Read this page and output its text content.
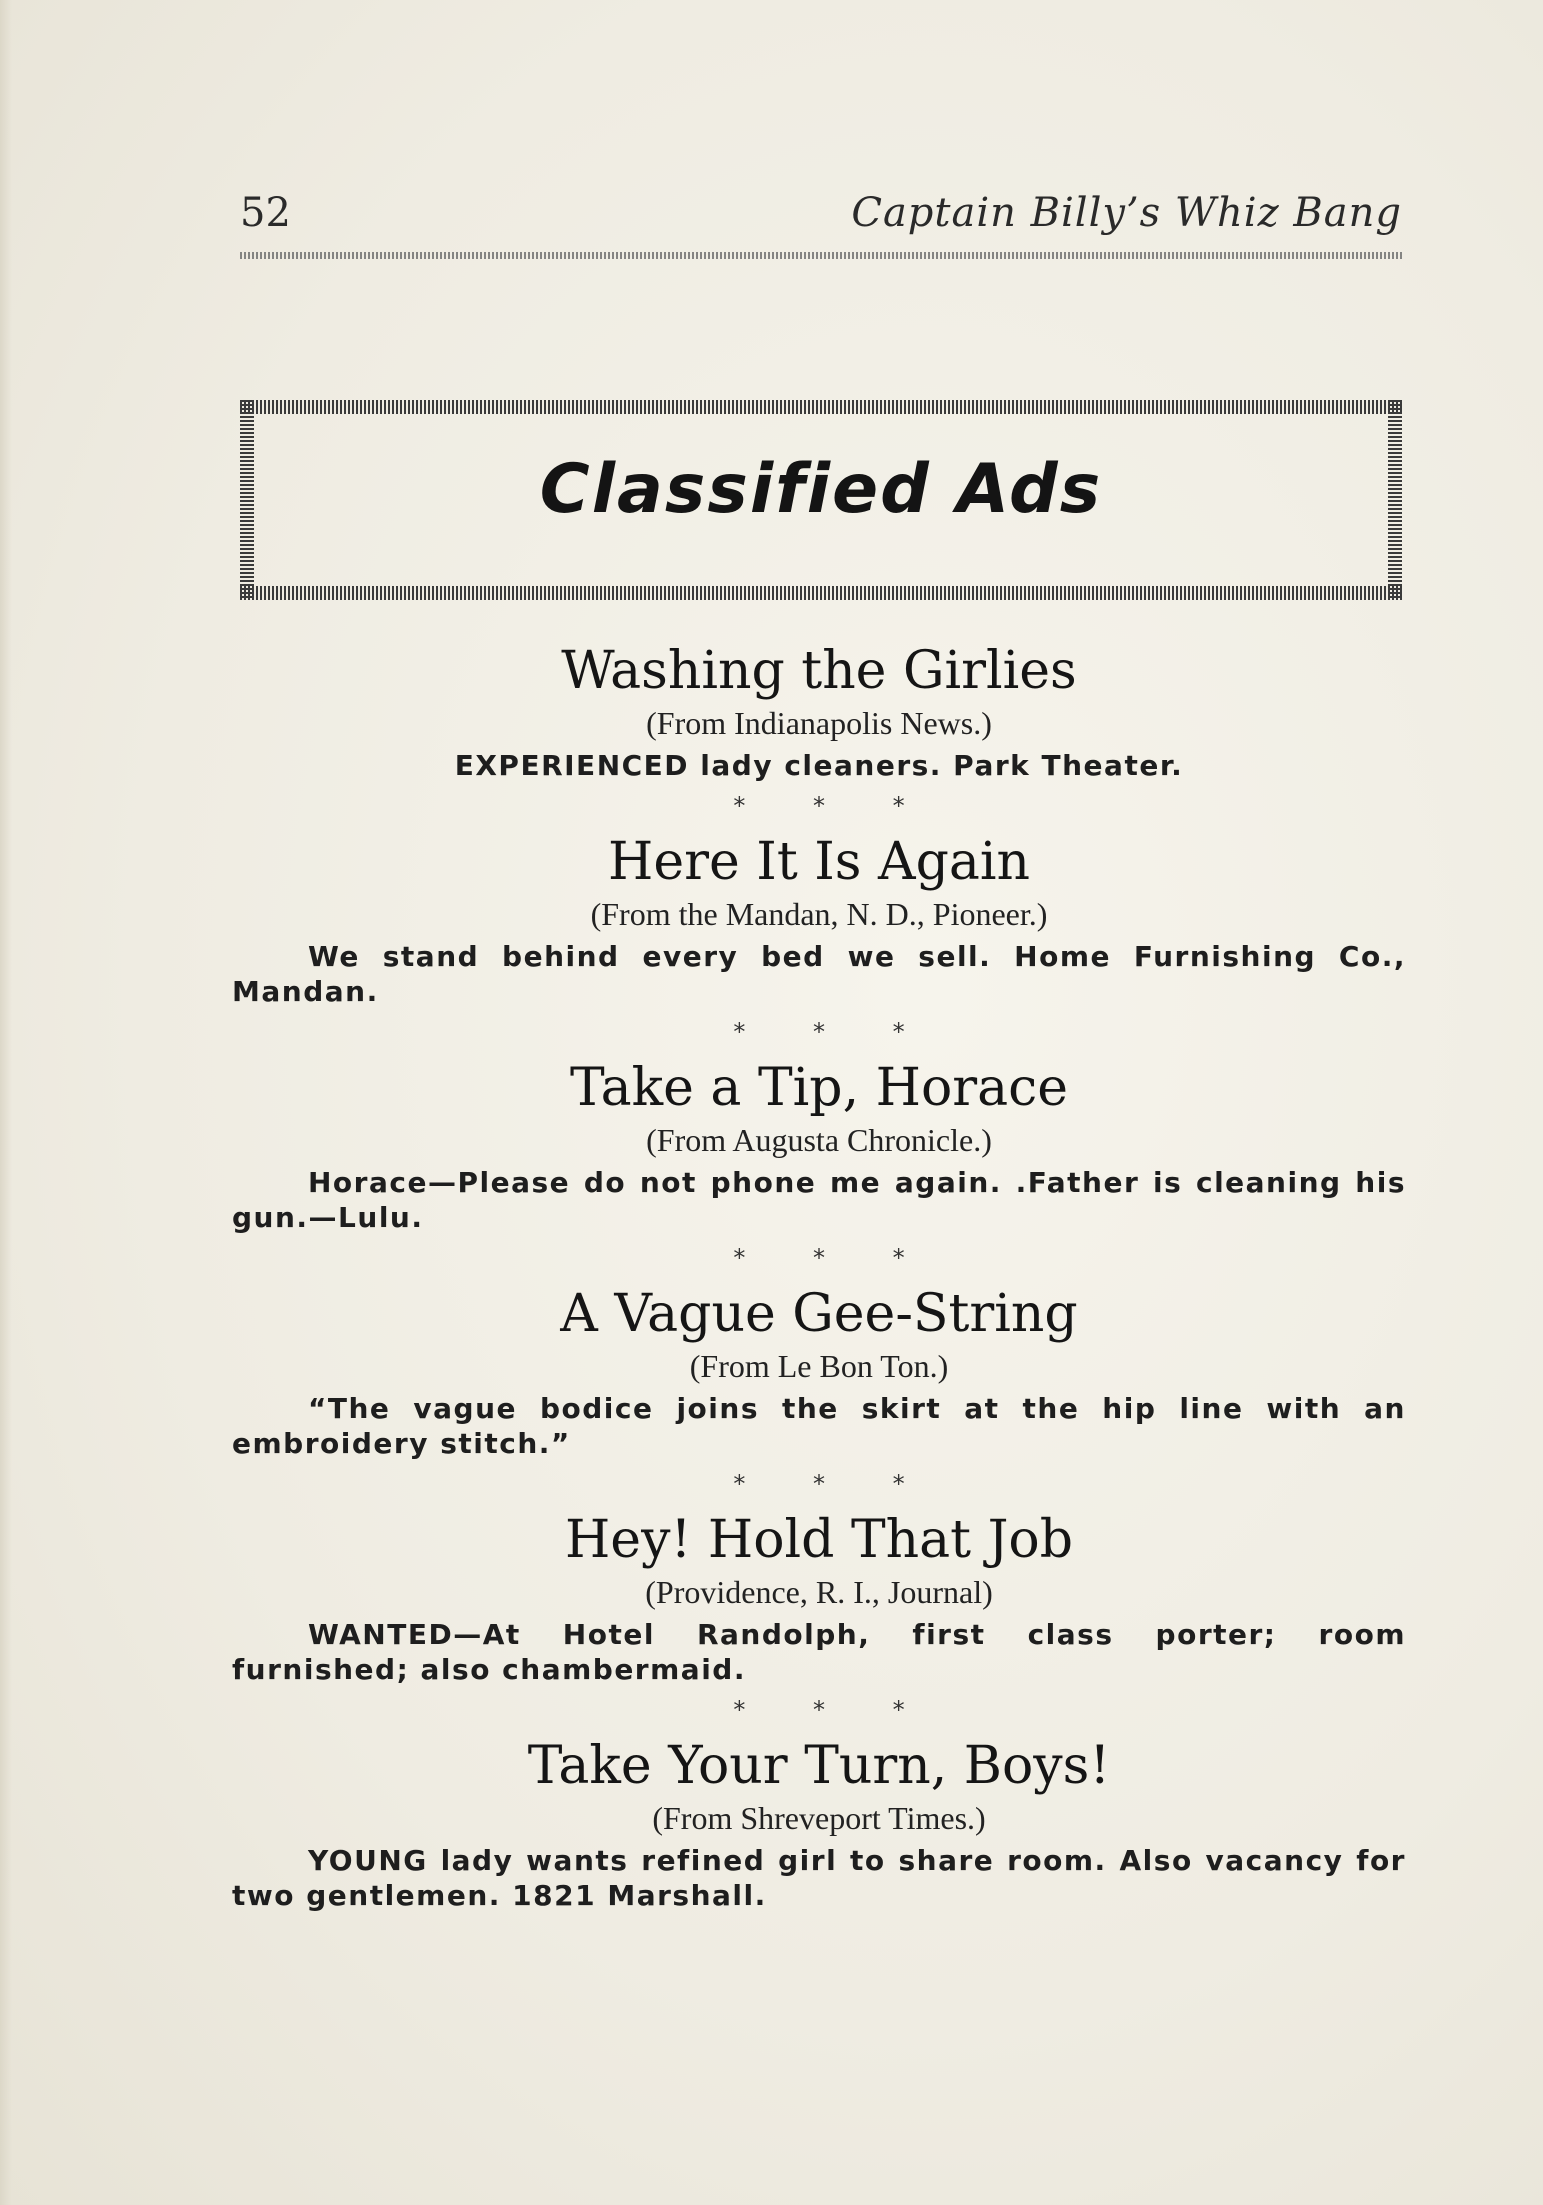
52	Captain Billy’s Whiz Bang
Classified Ads
Washing the Girlies

(From Indianapolis News.)

EXPERIENCED lady cleaners. Park Theater.

* * *
Here It Is Again

(From the Mandan, N. D., Pioneer.)

We stand behind every bed we sell. Home Furnishing Co., Mandan.

* * *
Take a Tip, Horace

(From Augusta Chronicle.)

Horace—Please do not phone me again. .Father is cleaning his gun.—Lulu.

* * *
A Vague Gee-String

(From Le Bon Ton.)

“The vague bodice joins the skirt at the hip line with an embroidery stitch.”

* * *
Hey! Hold That Job

(Providence, R. I., Journal)

WANTED—At Hotel Randolph, first class porter; room furnished; also chambermaid.

* * *
Take Your Turn, Boys!

(From Shreveport Times.)

YOUNG lady wants refined girl to share room. Also vacancy for two gentlemen. 1821 Marshall.
